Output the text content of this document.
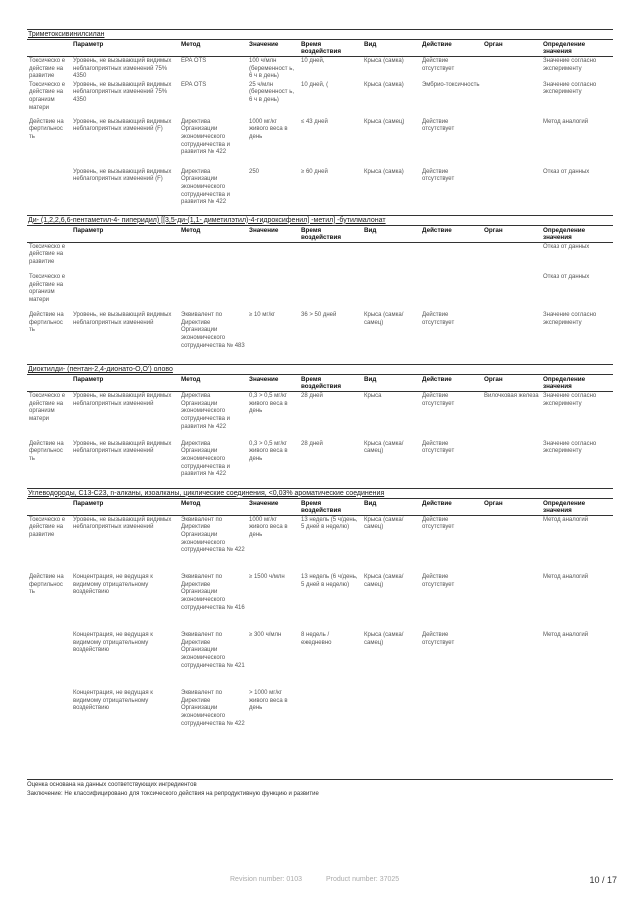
Триметоксивинилсилан
	Параметр	Метод	Значение	Время воздействия	Вид	Действие	Орган	Определение значения
Токсическо е действие на развитие	Уровень, не вызывающий видимых неблагоприятных изменений 75% 4350	EPA OTS	100 ч/млн (беременност ь, 6 ч в день)	10 дней,	Крыса (самка)	Действие отсутствует		Значение согласно эксперименту
Токсическо е действие на организм матери	Уровень, не вызывающий видимых неблагоприятных изменений 75% 4350	EPA OTS	25 ч/млн (беременност ь, 6 ч в день)	10 дней, (	Крыса (самка)	Эмбрио-токсичность		Значение согласно эксперименту
Действие на фертильнос ть	Уровень, не вызывающий видимых неблагоприятных изменений (F)	Директива Организации экономического сотрудничества и развития № 422	1000 мг/кг живого веса в день	≤ 43 дней	Крыса (самец)	Действие отсутствует		Метод аналогий
	Уровень, не вызывающий видимых неблагоприятных изменений (F)	Директива Организации экономического сотрудничества и развития № 422	250	≥ 60 дней	Крыса (самка)	Действие отсутствует		Отказ от данных
Ди- (1,2,2,6,6-пентаметил-4- пиперидил) [[3,5-ди-(1,1- диметилэтил)-4-гидроксифенил] -метил] -бутилмалонат
	Параметр	Метод	Значение	Время воздействия	Вид	Действие	Орган	Определение значения
Токсическо е действие на развитие								Отказ от данных
Токсическо е действие на организм матери								Отказ от данных
Действие на фертильнос ть	Уровень, не вызывающий видимых неблагоприятных изменений	Эквивалент по Директиве Организации экономического сотрудничества № 483	≥ 10 мг/кг	36 > 50 дней	Крыса (самка/самец)	Действие отсутствует		Значение согласно эксперименту
Диоктилди- (пентан-2,4-дионато-O,O') олово
	Параметр	Метод	Значение	Время воздействия	Вид	Действие	Орган	Определение значения
Токсическо е действие на организм матери	Уровень, не вызывающий видимых неблагоприятных изменений	Директива Организации экономического сотрудничества и развития № 422	0,3 > 0,5 мг/кг живого веса в день	28 дней	Крыса	Действие отсутствует	Вилочковая железа	Значение согласно эксперименту
Действие на фертильнос ть	Уровень, не вызывающий видимых неблагоприятных изменений	Директива Организации экономического сотрудничества и развития № 422	0,3 > 0,5 мг/кг живого веса в день	28 дней	Крыса (самка/самец)	Действие отсутствует		Значение согласно эксперименту
Углеводороды, C13-C23, n-алканы, изоалканы, циклические соединения, <0,03% ароматические соединения
	Параметр	Метод	Значение	Время воздействия	Вид	Действие	Орган	Определение значения
Токсическо е действие на развитие	Уровень, не вызывающий видимых неблагоприятных изменений	Эквивалент по Директиве Организации экономического сотрудничества № 422	1000 мг/кг живого веса в день	13 недель (5 ч/день, 5 дней в неделю)	Крыса (самка/самец)	Действие отсутствует		Метод аналогий
Действие на фертильнос ть	Концентрация, не ведущая к видимому отрицательному воздействию	Эквивалент по Директиве Организации экономического сотрудничества № 416	≥ 1500 ч/млн	13 недель (6 ч/день, 5 дней в неделю)	Крыса (самка/самец)	Действие отсутствует		Метод аналогий
	Концентрация, не ведущая к видимому отрицательному воздействию	Эквивалент по Директиве Организации экономического сотрудничества № 421	≥ 300 ч/млн	8 недель / ежедневно	Крыса (самка/самец)	Действие отсутствует		Метод аналогий
	Концентрация, не ведущая к видимому отрицательному воздействию	Эквивалент по Директиве Организации экономического сотрудничества № 422	> 1000 мг/кг живого веса в день					
Оценка основана на данных соответствующих ингредиентов
Заключение: Не классифицировано для токсического действия на репродуктивную функцию и развитие
Revision number: 0103	Product number: 37025	10 / 17
